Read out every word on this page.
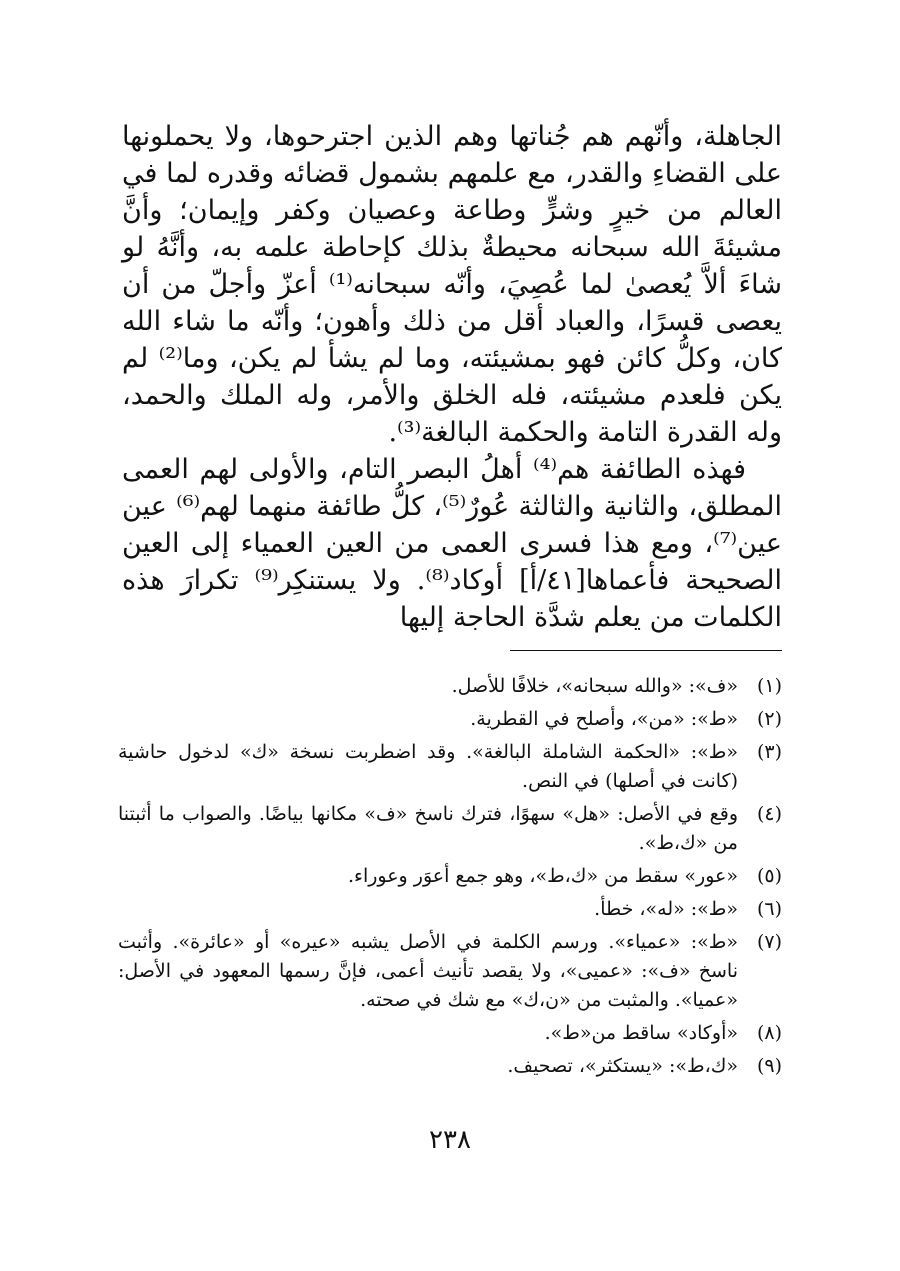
الجاهلة، وأنّهم هم جُناتها وهم الذين اجترحوها، ولا يحملونها على القضاءِ والقدر، مع علمهم بشمول قضائه وقدره لما في العالم من خيرٍ وشرٍّ وطاعة وعصيان وكفر وإيمان؛ وأنَّ مشيئةَ الله سبحانه محيطةٌ بذلك كإحاطة علمه به، وأنَّهُ لو شاءَ ألاَّ يُعصىٰ لما عُصِيَ، وأنّه سبحانه⁽¹⁾ أعزّ وأجلّ من أن يعصى قسرًا، والعباد أقل من ذلك وأهون؛ وأنّه ما شاء الله كان، وكلُّ كائن فهو بمشيئته، وما لم يشأ لم يكن، وما⁽²⁾ لم يكن فلعدم مشيئته، فله الخلق والأمر، وله الملك والحمد، وله القدرة التامة والحكمة البالغة⁽³⁾.

فهذه الطائفة هم⁽⁴⁾ أهلُ البصر التام، والأولى لهم العمى المطلق، والثانية والثالثة عُورٌ⁽⁵⁾، كلُّ طائفة منهما لهم⁽⁶⁾ عين عين⁽⁷⁾، ومع هذا فسرى العمى من العين العمياء إلى العين الصحيحة فأعماها[٤١/أ] أوكاد⁽⁸⁾. ولا يستنكِر⁽⁹⁾ تكرارَ هذه الكلمات من يعلم شدَّة الحاجة إليها

(١)
«ف»: «والله سبحانه»، خلافًا للأصل.
(٢)
«ط»: «من»، وأصلح في القطرية.
(٣)
«ط»: «الحكمة الشاملة البالغة». وقد اضطربت نسخة «ك» لدخول حاشية (كانت في أصلها) في النص.
(٤)
وقع في الأصل: «هل» سهوًا، فترك ناسخ «ف» مكانها بياضًا. والصواب ما أثبتنا من «ك،ط».
(٥)
«عور» سقط من «ك،ط»، وهو جمع أعوَر وعوراء.
(٦)
«ط»: «له»، خطأ.
(٧)
«ط»: «عمياء». ورسم الكلمة في الأصل يشبه «عيره» أو «عائرة». وأثبت ناسخ «ف»: «عميى»، ولا يقصد تأنيث أعمى، فإنَّ رسمها المعهود في الأصل: «عميا». والمثبت من «ن،ك» مع شك في صحته.
(٨)
«أوكاد» ساقط من«ط».
(٩)
«ك،ط»: «يستكثر»، تصحيف.
٢٣٨
